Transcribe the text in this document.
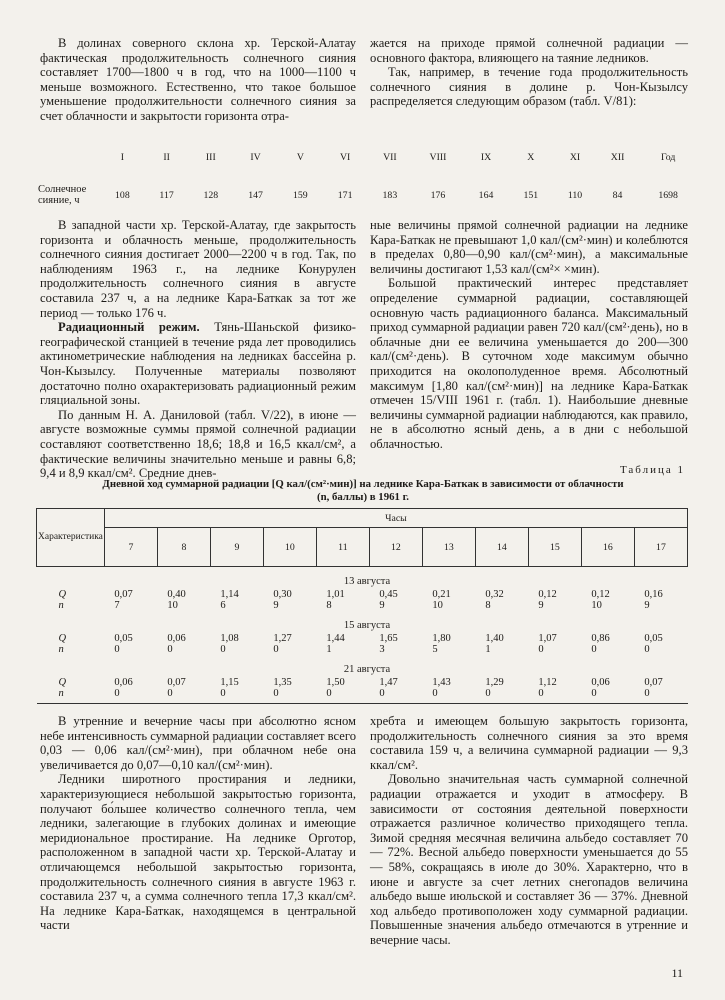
В долинах соверного склона хр. Терской-Алатау фактическая продолжительность солнечного сияния составляет 1700—1800 ч в год, что на 1000—1100 ч меньше возможного. Естественно, что такое большое уменьшение продолжительности солнечного сияния за счет облачности и закрытости горизонта отра-

жается на приходе прямой солнечной радиации — основного фактора, влияющего на таяние ледников.

Так, например, в течение года продолжительность солнечного сияния в долине р. Чон-Кызылсу распределяется следующим образом (табл. V/81):

	I	II	III	IV	V	VI	VII	VIII	IX	X	XI	XII	Год

Солнечное сияние, ч	108	117	128	147	159	171	183	176	164	151	110	84	1698

В западной части хр. Терской-Алатау, где закрытость горизонта и облачность меньше, продолжительность солнечного сияния достигает 2000—2200 ч в год. Так, по наблюдениям 1963 г., на леднике Конурулен продолжительность солнечного сияния в августе составила 237 ч, а на леднике Кара-Баткак за тот же период — только 176 ч.

Радиационный режим. Тянь-Шаньской физико-географической станцией в течение ряда лет проводились актинометрические наблюдения на ледниках бассейна р. Чон-Кызылсу. Полученные материалы позволяют достаточно полно охарактеризовать радиационный режим гляциальной зоны.

По данным Н. А. Даниловой (табл. V/22), в июне — августе возможные суммы прямой солнечной радиации составляют соответственно 18,6; 18,8 и 16,5 ккал/см², а фактические величины значительно меньше и равны 6,8; 9,4 и 8,9 ккал/см². Средние днев-

ные величины прямой солнечной радиации на леднике Кара-Баткак не превышают 1,0 кал/(см²·мин) и колеблются в пределах 0,80—0,90 кал/(см²·мин), а максимальные величины достигают 1,53 кал/(см²× ×мин).

Большой практический интерес представляет определение суммарной радиации, составляющей основную часть радиационного баланса. Максимальный приход суммарной радиации равен 720 кал/(см²·день), но в облачные дни ее величина уменьшается до 200—300 кал/(см²·день). В суточном ходе максимум обычно приходится на околополуденное время. Абсолютный максимум [1,80 кал/(см²·мин)] на леднике Кара-Баткак отмечен 15/VIII 1961 г. (табл. 1). Наибольшие дневные величины суммарной радиации наблюдаются, как правило, не в абсолютно ясный день, а в дни с небольшой облачностью.

Таблица 1
Дневной ход суммарной радиации [Q кал/(см²·мин)] на леднике Кара-Баткак в зависимости от облачности
(n, баллы) в 1961 г.
Характеристика	Часы										
	7	8	9	10	11	12	13	14	15	16	17
13 августа											
Q	0,07	0,40	1,14	0,30	1,01	0,45	0,21	0,32	0,12	0,12	0,16
n	7	10	6	9	8	9	10	8	9	10	9
15 августа											
Q	0,05	0,06	1,08	1,27	1,44	1,65	1,80	1,40	1,07	0,86	0,05
n	0	0	0	0	1	3	5	1	0	0	0
21 августа											
Q	0,06	0,07	1,15	1,35	1,50	1,47	1,43	1,29	1,12	0,06	0,07
n	0	0	0	0	0	0	0	0	0	0	0

В утренние и вечерние часы при абсолютно ясном небе интенсивность суммарной радиации составляет всего 0,03 — 0,06 кал/(см²·мин), при облачном небе она увеличивается до 0,07—0,10 кал/(см²·мин).

Ледники широтного простирания и ледники, характеризующиеся небольшой закрытостью горизонта, получают бо́льшее количество солнечного тепла, чем ледники, залегающие в глубоких долинах и имеющие меридиональное простирание. На леднике Орготор, расположенном в западной части хр. Терской-Алатау и отличающемся небольшой закрытостью горизонта, продолжительность солнечного сияния в августе 1963 г. составила 237 ч, а сумма солнечного тепла 17,3 ккал/см². На леднике Кара-Баткак, находящемся в центральной части

хребта и имеющем большую закрытость горизонта, продолжительность солнечного сияния за это время составила 159 ч, а величина суммарной радиации — 9,3 ккал/см².

Довольно значительная часть суммарной солнечной радиации отражается и уходит в атмосферу. В зависимости от состояния деятельной поверхности отражается различное количество приходящего тепла. Зимой средняя месячная величина альбедо составляет 70 — 72%. Весной альбедо поверхности уменьшается до 55 — 58%, сокращаясь в июле до 30%. Характерно, что в июне и августе за счет летних снегопадов величина альбедо выше июльской и составляет 36 — 37%. Дневной ход альбедо противоположен ходу суммарной радиации. Повышенные значения альбедо отмечаются в утренние и вечерние часы.

11
